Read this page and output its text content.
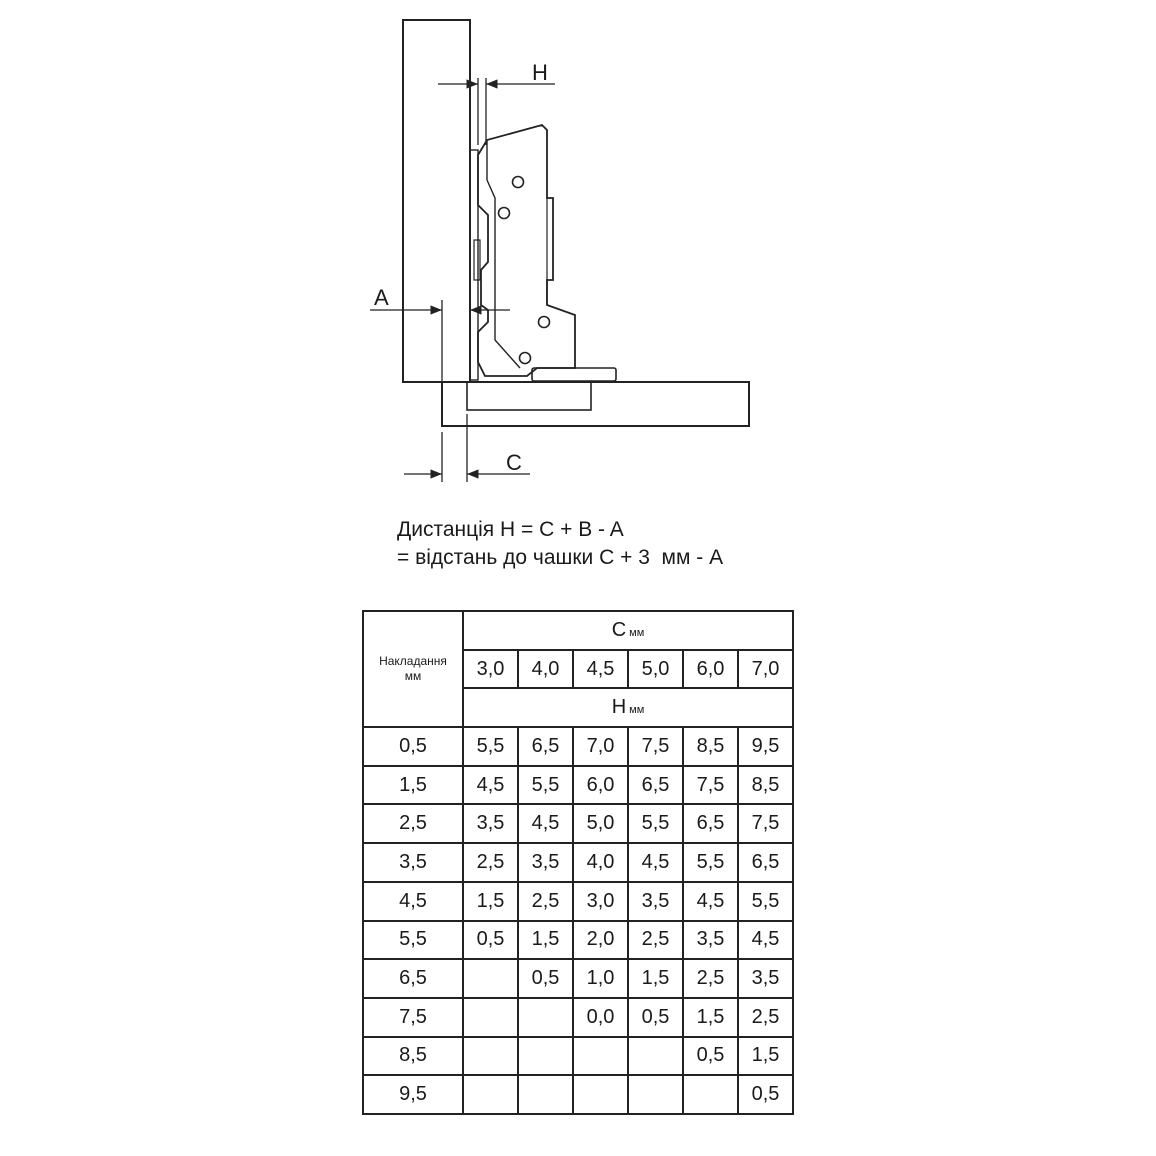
H
A
C
Дистанція H = C + B - A
= відстань до чашки C + 3  мм - A
Накладання
мм	C мм					
	3,0	4,0	4,5	5,0	6,0	7,0
	H мм					
0,5	5,5	6,5	7,0	7,5	8,5	9,5
1,5	4,5	5,5	6,0	6,5	7,5	8,5
2,5	3,5	4,5	5,0	5,5	6,5	7,5
3,5	2,5	3,5	4,0	4,5	5,5	6,5
4,5	1,5	2,5	3,0	3,5	4,5	5,5
5,5	0,5	1,5	2,0	2,5	3,5	4,5
6,5		0,5	1,0	1,5	2,5	3,5
7,5			0,0	0,5	1,5	2,5
8,5					0,5	1,5
9,5						0,5
